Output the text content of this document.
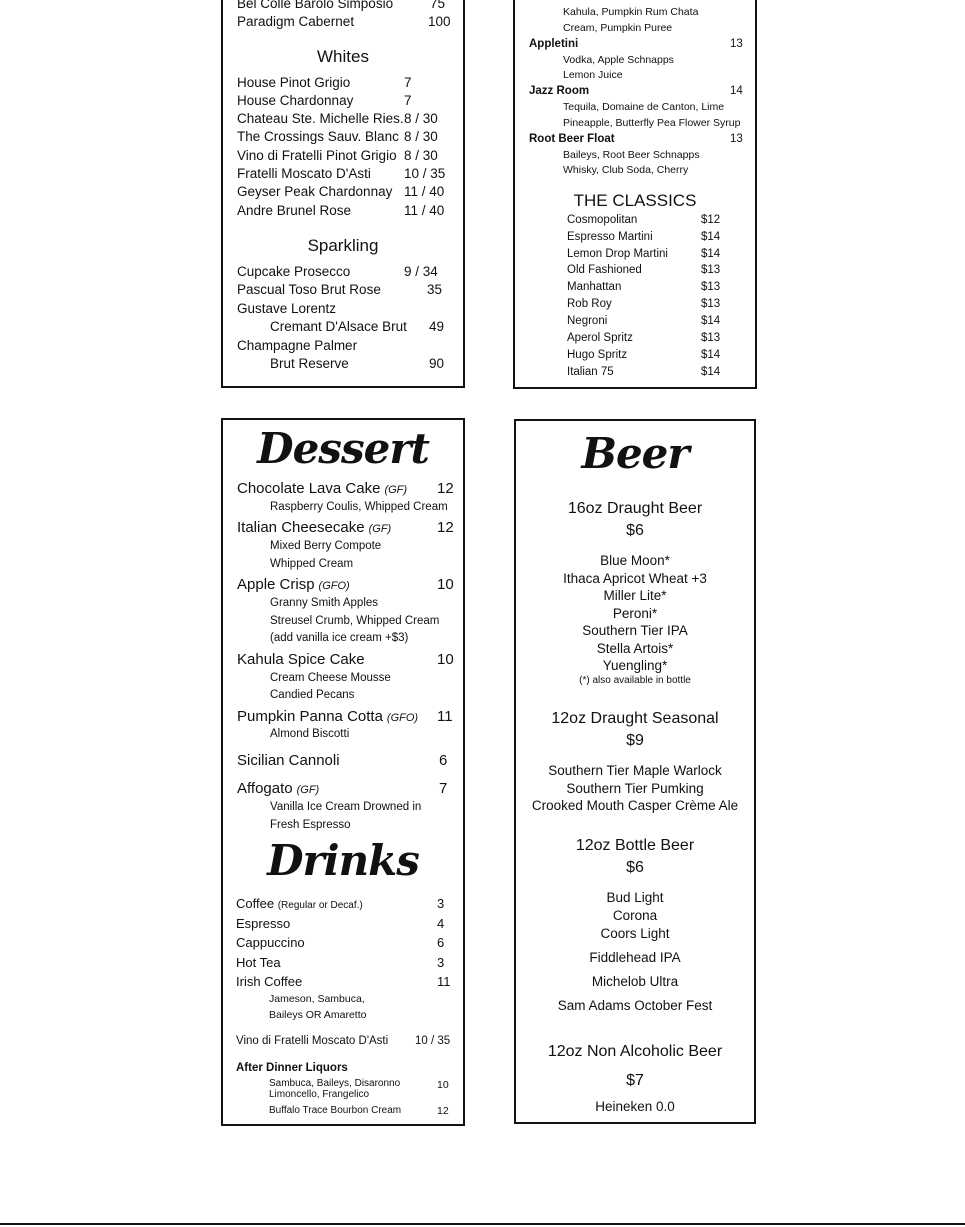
Bel Colle Barolo Simposio	75
Paradigm Cabernet	100
Whites
House Pinot Grigio	7
House Chardonnay	7
Chateau Ste. Michelle Ries. 8 / 30
The Crossings Sauv. Blanc 8 / 30
Vino di Fratelli Pinot Grigio 8 / 30
Fratelli Moscato D'Asti 10 / 35
Geyser Peak Chardonnay 11 / 40
Andre Brunel Rose	11 / 40
Sparkling
Cupcake Prosecco	9 / 34
Pascual Toso Brut Rose	35
Gustave Lorentz
Cremant D'Alsace Brut 49
Champagne Palmer
Brut Reserve	90
Kahula, Pumpkin Rum Chata
Cream, Pumpkin Puree
Appletini	13
Vodka, Apple Schnapps
Lemon Juice
Jazz Room	14
Tequila, Domaine de Canton, Lime
Pineapple, Butterfly Pea Flower Syrup
Root Beer Float	13
Baileys, Root Beer Schnapps
Whisky, Club Soda, Cherry
THE CLASSICS
Cosmopolitan	$12
Espresso Martini	$14
Lemon Drop Martini	$14
Old Fashioned	$13
Manhattan	$13
Rob Roy	$13
Negroni	$14
Aperol Spritz	$13
Hugo Spritz	$14
Italian 75	$14
Dessert
Chocolate Lava Cake (GF) 12
Raspberry Coulis, Whipped Cream
Italian Cheesecake (GF)	12
Mixed Berry Compote
Whipped Cream
Apple Crisp (GFO)	10
Granny Smith Apples
Streusel Crumb, Whipped Cream
(add vanilla ice cream +$3)
Kahula Spice Cake	10
Cream Cheese Mousse
Candied Pecans
Pumpkin Panna Cotta (GFO) 11
Almond Biscotti
Sicilian Cannoli	6
Affogato (GF)	7
Vanilla Ice Cream Drowned in
Fresh Espresso
Drinks
Coffee (Regular or Decaf.)	3
Espresso	4
Cappuccino	6
Hot Tea	3
Irish Coffee	11
Jameson, Sambuca,
Baileys OR Amaretto
Vino di Fratelli Moscato D'Asti 10 / 35
After Dinner Liquors
Sambuca, Baileys, Disaronno
Limoncello, Frangelico
10
Buffalo Trace Bourbon Cream	12
Beer
16oz Draught Beer
$6
Blue Moon*
Ithaca Apricot Wheat +3
Miller Lite*
Peroni*
Southern Tier IPA
Stella Artois*
Yuengling*
(*) also available in bottle
12oz Draught Seasonal
$9
Southern Tier Maple Warlock
Southern Tier Pumking
Crooked Mouth Casper Crème Ale
12oz Bottle Beer
$6
Bud Light
Corona
Coors Light
Fiddlehead IPA
Michelob Ultra
Sam Adams October Fest
12oz Non Alcoholic Beer
$7
Heineken 0.0
